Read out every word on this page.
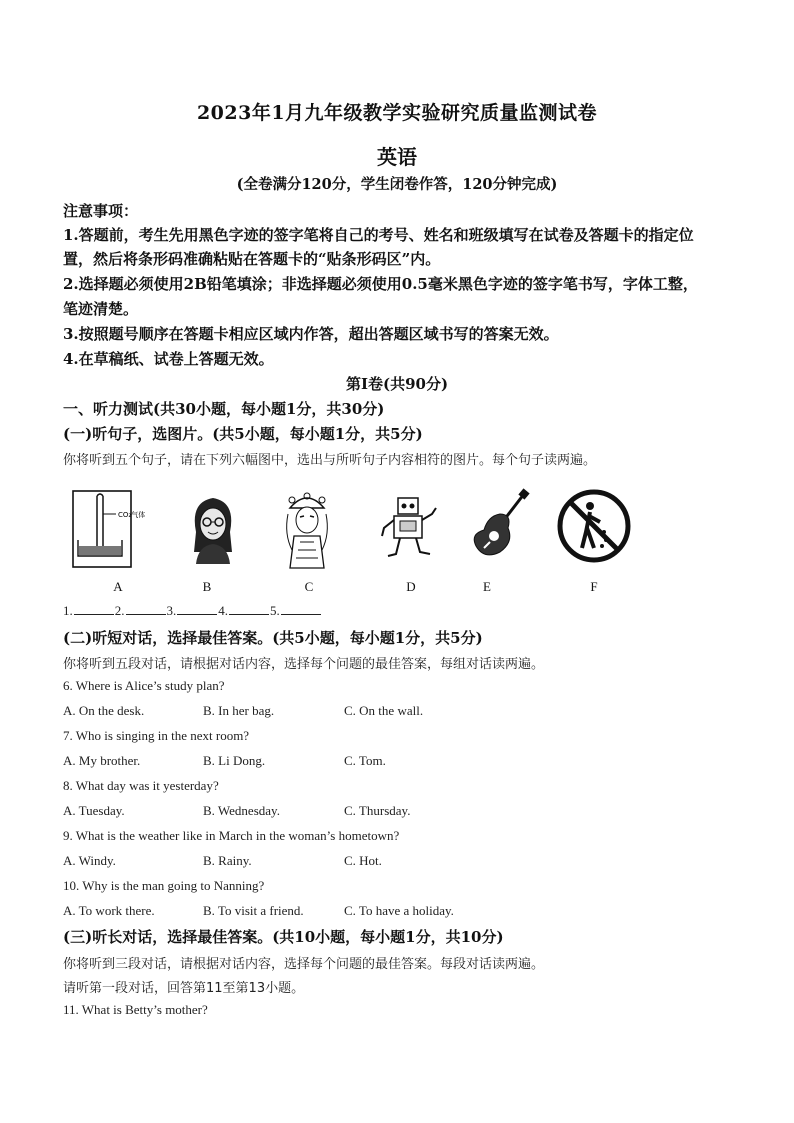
2023年1月九年级教学实验研究质量监测试卷
英语
(全卷满分120分，学生闭卷作答，120分钟完成)
注意事项：
1.答题前，考生先用黑色字迹的签字笔将自己的考号、姓名和班级填写在试卷及答题卡的指定位
置，然后将条形码准确粘贴在答题卡的“贴条形码区”内。
2.选择题必须使用2B铅笔填涂；非选择题必须使用0.5毫米黑色字迹的签字笔书写，字体工整，
笔迹清楚。
3.按照题号顺序在答题卡相应区域内作答，超出答题区域书写的答案无效。
4.在草稿纸、试卷上答题无效。
第I卷(共90分)
一、听力测试(共30小题，每小题1分，共30分)
(一)听句子，选图片。(共5小题，每小题1分，共5分)
你将听到五个句子，请在下列六幅图中，选出与所听句子内容相符的图片。每个句子读两遍。
CO₂气体
A	B	C	D	E	F
1.	2.	3.	4.	5.
(二)听短对话，选择最佳答案。(共5小题，每小题1分，共5分)
你将听到五段对话，请根据对话内容，选择每个问题的最佳答案，每组对话读两遍。
6. Where is Alice’s study plan?
A. On the desk.	B. In her bag.	C. On the wall.
7. Who is singing in the next room?
A. My brother.	B. Li Dong.	C. Tom.
8. What day was it yesterday?
A. Tuesday.	B. Wednesday.	C. Thursday.
9. What is the weather like in March in the woman’s hometown?
A. Windy.	B. Rainy.	C. Hot.
10. Why is the man going to Nanning?
A. To work there.	B. To visit a friend.	C. To have a holiday.
(三)听长对话，选择最佳答案。(共10小题，每小题1分，共10分)
你将听到三段对话，请根据对话内容，选择每个问题的最佳答案。每段对话读两遍。
请听第一段对话，回答第11至第13小题。
11. What is Betty’s mother?
